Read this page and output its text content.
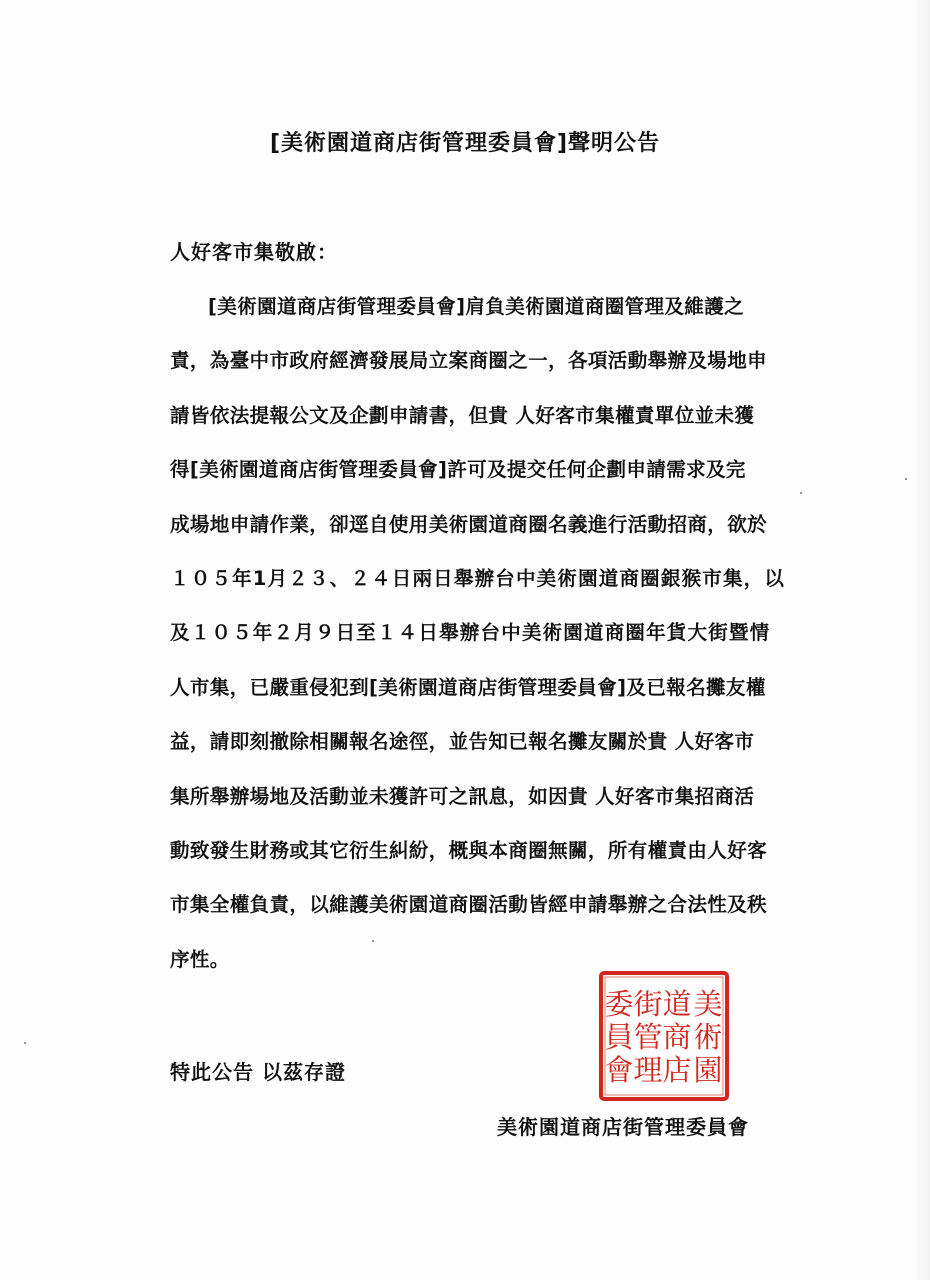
[美術園道商店街管理委員會]聲明公告
人好客市集敬啟：
[美術園道商店街管理委員會]肩負美術園道商圈管理及維護之
責，為臺中市政府經濟發展局立案商圈之一，各項活動舉辦及場地申
請皆依法提報公文及企劃申請書，但貴 人好客市集權責單位並未獲
得[美術園道商店街管理委員會]許可及提交任何企劃申請需求及完
成場地申請作業，卻逕自使用美術園道商圈名義進行活動招商，欲於
１０５年1月２３、２４日兩日舉辦台中美術園道商圈銀猴市集，以
及１０５年２月９日至１４日舉辦台中美術園道商圈年貨大街暨情
人市集，已嚴重侵犯到[美術園道商店街管理委員會]及已報名攤友權
益，請即刻撤除相關報名途徑，並告知已報名攤友關於貴 人好客市
集所舉辦場地及活動並未獲許可之訊息，如因貴 人好客市集招商活
動致發生財務或其它衍生糾紛，概與本商圈無關，所有權責由人好客
市集全權負責，以維護美術園道商圈活動皆經申請舉辦之合法性及秩
序性。
特此公告 以茲存證
美
術
園
道
商
店
街
管
理
委
員
會
美術園道商店街管理委員會
